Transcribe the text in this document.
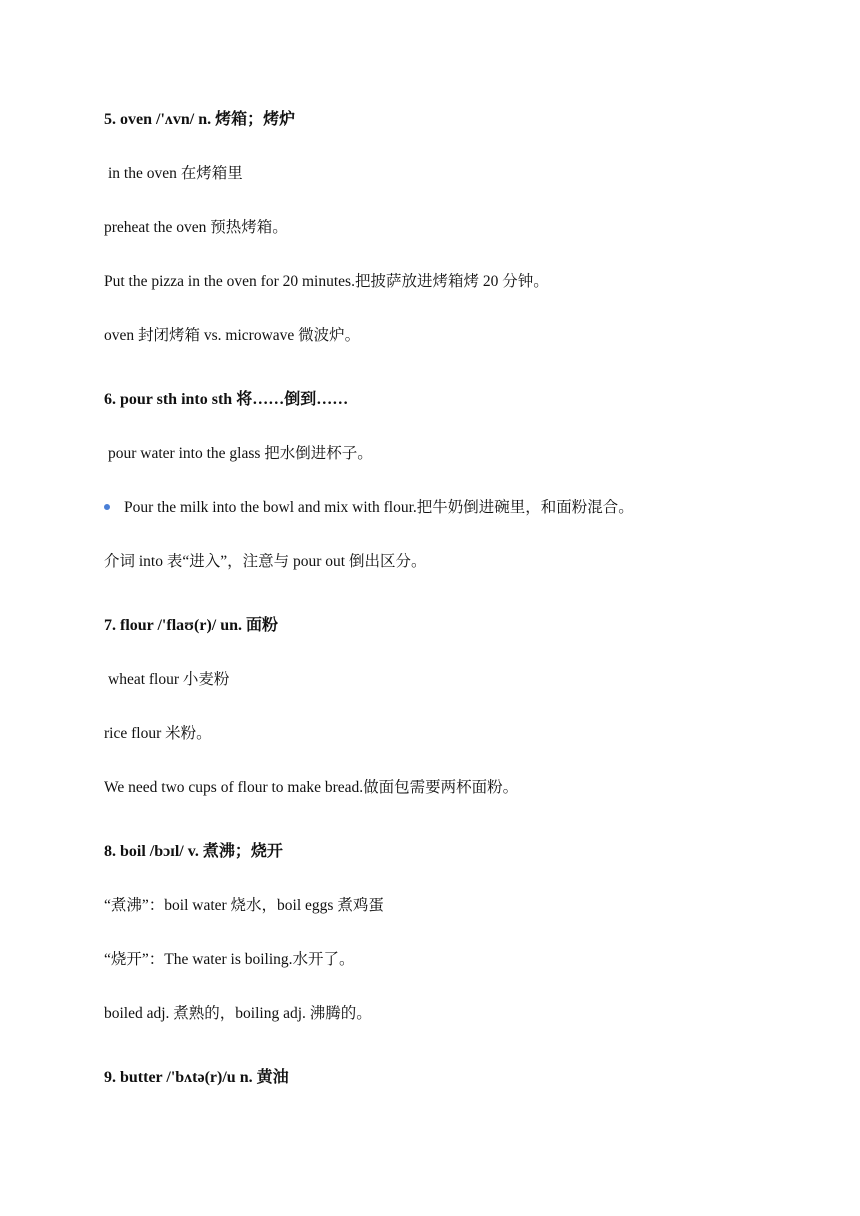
5. oven /'ʌvn/ n. 烤箱；烤炉
in the oven 在烤箱里
preheat the oven 预热烤箱。
Put the pizza in the oven for 20 minutes.把披萨放进烤箱烤 20 分钟。
oven 封闭烤箱 vs. microwave 微波炉。
6. pour sth into sth 将……倒到……
pour water into the glass 把水倒进杯子。
Pour the milk into the bowl and mix with flour.把牛奶倒进碗里，和面粉混合。
介词 into 表“进入”，注意与 pour out 倒出区分。
7. flour /'flaʊ(r)/ un. 面粉
wheat flour 小麦粉
rice flour 米粉。
We need two cups of flour to make bread.做面包需要两杯面粉。
8. boil /bɔɪl/ v. 煮沸；烧开
“煮沸”：boil water 烧水，boil eggs 煮鸡蛋
“烧开”：The water is boiling.水开了。
boiled adj. 煮熟的，boiling adj. 沸腾的。
9. butter /'bʌtə(r)/u n. 黄油
